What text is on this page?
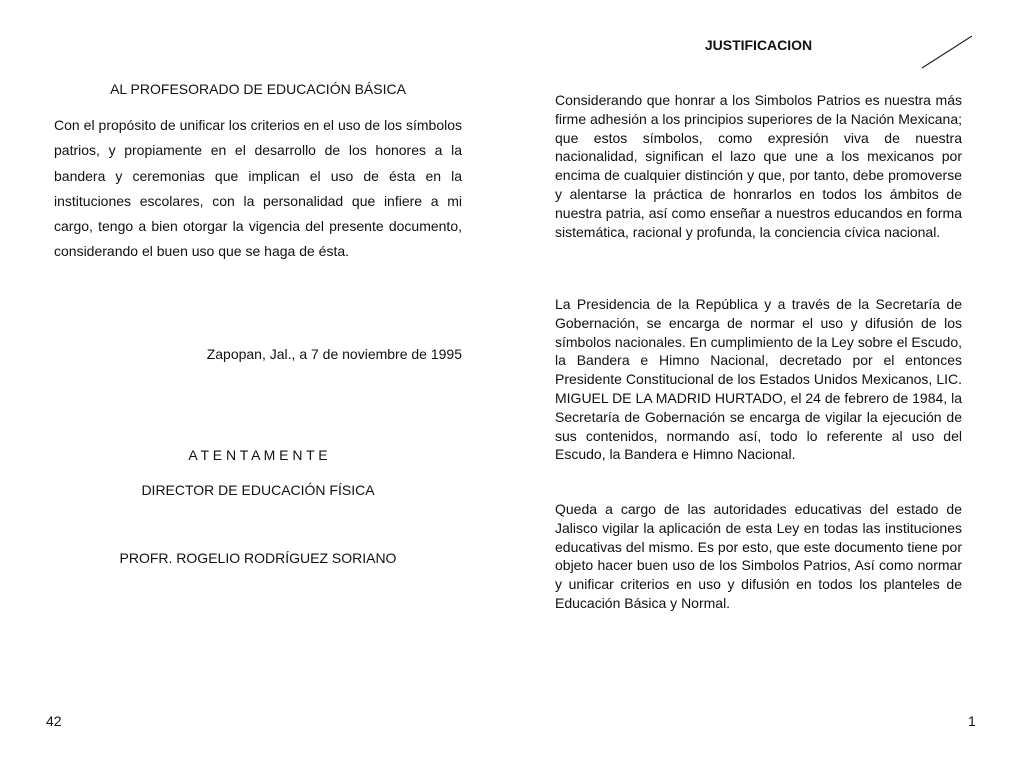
AL PROFESORADO DE EDUCACIÓN BÁSICA

Con el propósito de unificar los criterios en el uso de los símbolos patrios, y propiamente en el desarrollo de los honores a la bandera y ceremonias que implican el uso de ésta en la instituciones escolares, con la personalidad que infiere a mi cargo, tengo a bien otorgar la vigencia del presente documento, considerando el buen uso que se haga de ésta.

Zapopan, Jal., a 7 de noviembre de 1995
A T E N T A M E N T E
DIRECTOR DE EDUCACIÓN FÍSICA
PROFR. ROGELIO RODRÍGUEZ SORIANO
42
JUSTIFICACION

Considerando que honrar a los Simbolos Patrios es nuestra más firme adhesión a los principios superiores de la Nación Mexicana; que estos símbolos, como expresión viva de nuestra nacionalidad, significan el lazo que une a los mexicanos por encima de cualquier distinción y que, por tanto, debe promoverse y alentarse la práctica de honrarlos en todos los ámbitos de nuestra patria, así como enseñar a nuestros educandos en forma sistemática, racional y profunda, la conciencia cívica nacional.

La Presidencia de la República y a través de la Secretaría de Gobernación, se encarga de normar el uso y difusión de los símbolos nacionales. En cumplimiento de la Ley sobre el Escudo, la Bandera e Himno Nacional, decretado por el entonces Presidente Constitucional de los Estados Unidos Mexicanos, LIC. MIGUEL DE LA MADRID HURTADO, el 24 de febrero de 1984, la Secretaría de Gobernación se encarga de vigilar la ejecución de sus contenidos, normando así, todo lo referente al uso del Escudo, la Bandera e Himno Nacional.

Queda a cargo de las autoridades educativas del estado de Jalisco vigilar la aplicación de esta Ley en todas las instituciones educativas del mismo. Es por esto, que este documento tiene por objeto hacer buen uso de los Simbolos Patrios, Así como normar y unificar criterios en uso y difusión en todos los planteles de Educación Básica y Normal.

1
